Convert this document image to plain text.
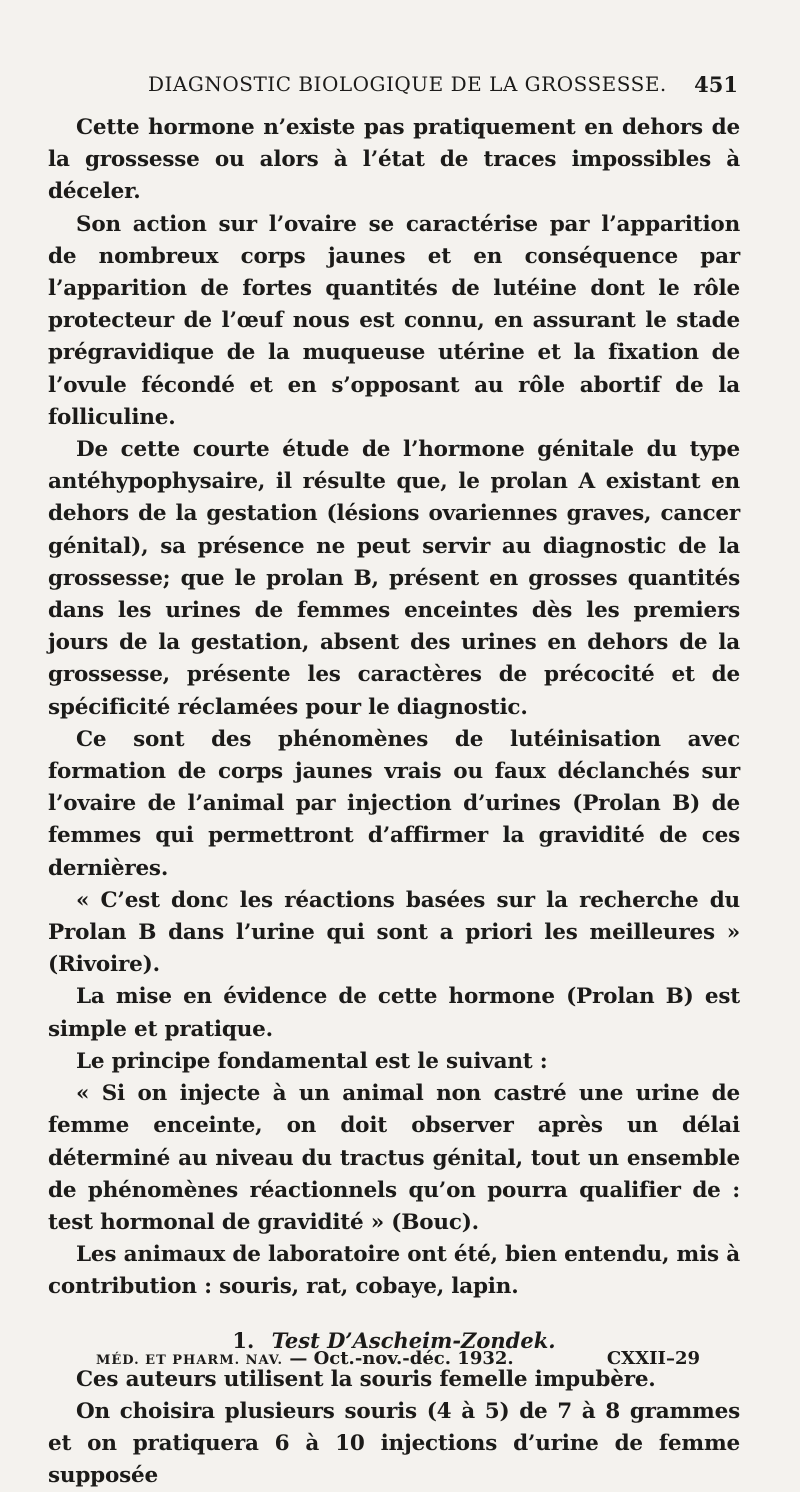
DIAGNOSTIC BIOLOGIQUE DE LA GROSSESSE. 451

Cette hormone n’existe pas pratiquement en dehors de la grossesse ou alors à l’état de traces impossibles à déceler.

Son action sur l’ovaire se caractérise par l’apparition de nombreux corps jaunes et en conséquence par l’apparition de fortes quantités de lutéine dont le rôle protecteur de l’œuf nous est connu, en assurant le stade prégravidique de la muqueuse utérine et la fixation de l’ovule fécondé et en s’opposant au rôle abortif de la folliculine.

De cette courte étude de l’hormone génitale du type antéhypophysaire, il résulte que, le prolan A existant en dehors de la gestation (lésions ovariennes graves, cancer génital), sa présence ne peut servir au diagnostic de la grossesse; que le prolan B, présent en grosses quantités dans les urines de femmes enceintes dès les premiers jours de la gestation, absent des urines en dehors de la grossesse, présente les caractères de précocité et de spécificité réclamées pour le diagnostic.

Ce sont des phénomènes de lutéinisation avec formation de corps jaunes vrais ou faux déclanchés sur l’ovaire de l’animal par injection d’urines (Prolan B) de femmes qui permettront d’affirmer la gravidité de ces dernières.

« C’est donc les réactions basées sur la recherche du Prolan B dans l’urine qui sont a priori les meilleures » (Rivoire).

La mise en évidence de cette hormone (Prolan B) est simple et pratique.

Le principe fondamental est le suivant :

« Si on injecte à un animal non castré une urine de femme enceinte, on doit observer après un délai déterminé au niveau du tractus génital, tout un ensemble de phénomènes réactionnels qu’on pourra qualifier de : test hormonal de gravidité » (Bouc).

Les animaux de laboratoire ont été, bien entendu, mis à contribution : souris, rat, cobaye, lapin.

1. Test D’Ascheim-Zondek.

Ces auteurs utilisent la souris femelle impubère.

On choisira plusieurs souris (4 à 5) de 7 à 8 grammes et on pratiquera 6 à 10 injections d’urine de femme supposée

MÉD. ET PHARM. NAV. — Oct.-nov.-déc. 1932.	CXXII–29
